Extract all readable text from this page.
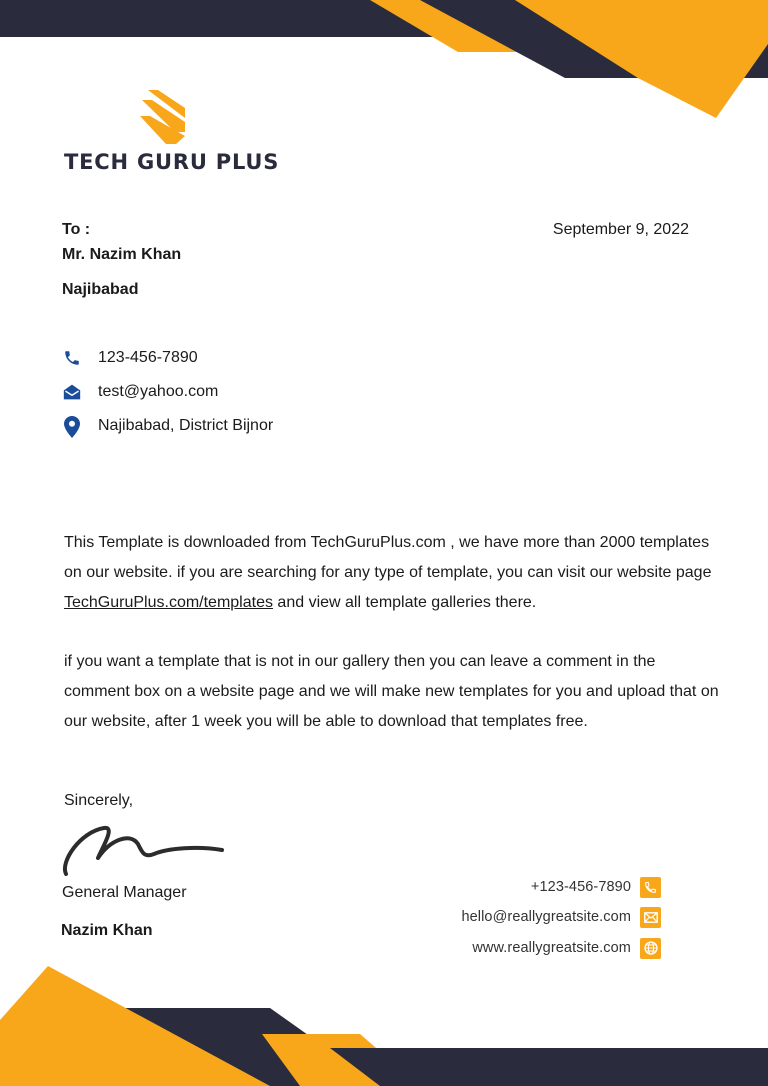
TECH GURU PLUS
To :
Mr. Nazim Khan
Najibabad
September 9, 2022
123-456-7890
test@yahoo.com
Najibabad, District Bijnor
This Template is downloaded from TechGuruPlus.com , we have more than 2000 templates on our website. if you are searching for any type of template, you can visit our website page TechGuruPlus.com/templates and view all template galleries there.
if you want a template that is not in our gallery then you can leave a comment in the comment box on a website page and we will make new templates for you and upload that on our website, after 1 week you will be able to download that templates free.
Sincerely,
General Manager
Nazim Khan
+123-456-7890
hello@reallygreatsite.com
www.reallygreatsite.com
